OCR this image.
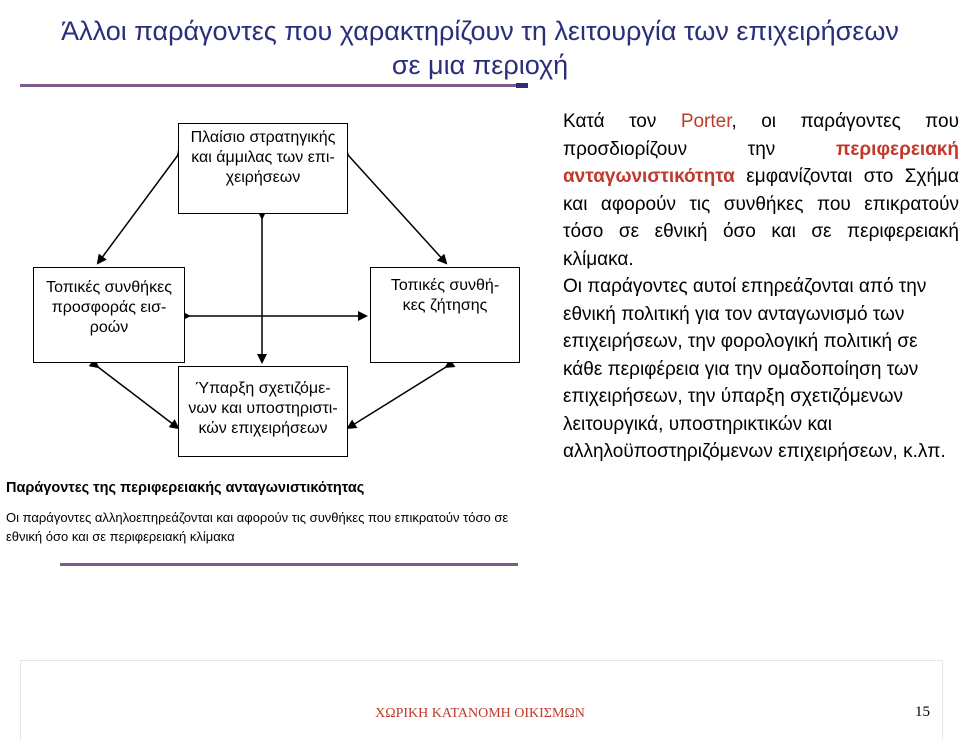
Άλλοι παράγοντες που χαρακτηρίζουν τη λειτουργία των επιχειρήσεων
σε μια περιοχή
Πλαίσιο στρατηγικής
και άμμιλας των επι-
χειρήσεων
Τοπικές συνθήκες
προσφοράς εισ-
ροών
Τοπικές συνθή-
κες ζήτησης
Ύπαρξη σχετιζόμε-
νων και υποστηριστι-
κών επιχειρήσεων
Παράγοντες της περιφερειακής ανταγωνιστικότητας
Οι παράγοντες αλληλοεπηρεάζονται και αφορούν τις συνθήκες που επικρατούν τόσο σε εθνική όσο και σε περιφερειακή κλίμακα

Κατά τον Porter, οι παράγοντες που προσδιορίζουν την περιφερειακή ανταγωνιστικότητα εμφανίζονται στο Σχήμα και αφορούν τις συνθήκες που επικρατούν τόσο σε εθνική όσο και σε περιφερειακή κλίμακα.

Οι παράγοντες αυτοί επηρεάζονται από την εθνική πολιτική για τον ανταγωνισμό των επιχειρήσεων, την φορολογική πολιτική σε κάθε περιφέρεια για την ομαδοποίηση των επιχειρήσεων, την ύπαρξη σχετιζόμενων λειτουργικά, υποστηρικτικών και αλληλοϋποστηριζόμενων επιχειρήσεων, κ.λπ.

ΧΩΡΙΚΗ ΚΑΤΑΝΟΜΗ ΟΙΚΙΣΜΩΝ	15
